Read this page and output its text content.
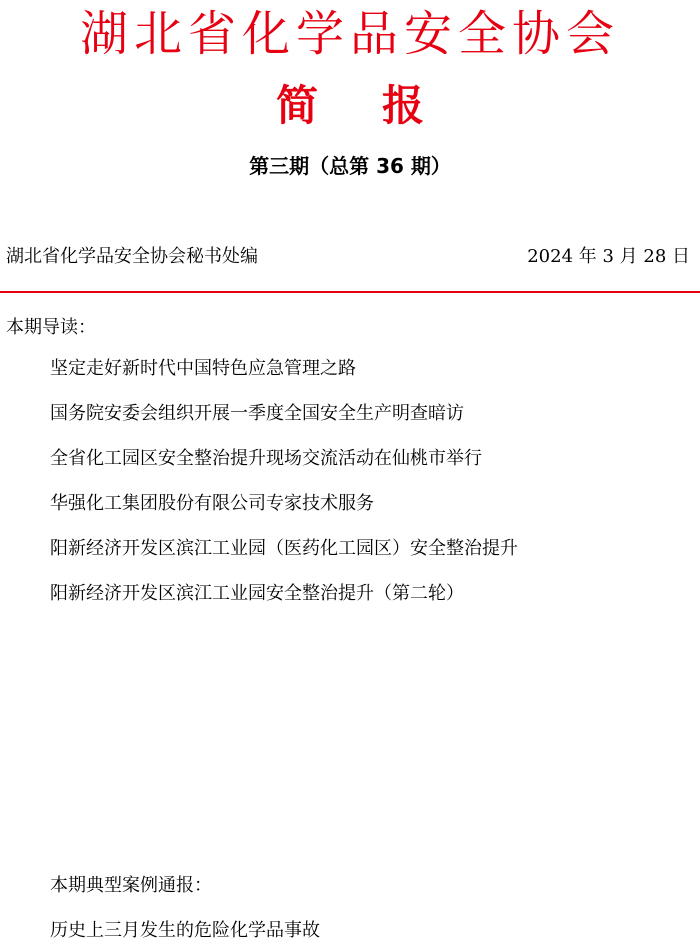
湖北省化学品安全协会
简报
第三期（总第 36 期）
湖北省化学品安全协会秘书处编	2024 年 3 月 28 日
本期导读：
坚定走好新时代中国特色应急管理之路
国务院安委会组织开展一季度全国安全生产明查暗访
全省化工园区安全整治提升现场交流活动在仙桃市举行
华强化工集团股份有限公司专家技术服务
阳新经济开发区滨江工业园（医药化工园区）安全整治提升
阳新经济开发区滨江工业园安全整治提升（第二轮）
本期典型案例通报：
历史上三月发生的危险化学品事故
